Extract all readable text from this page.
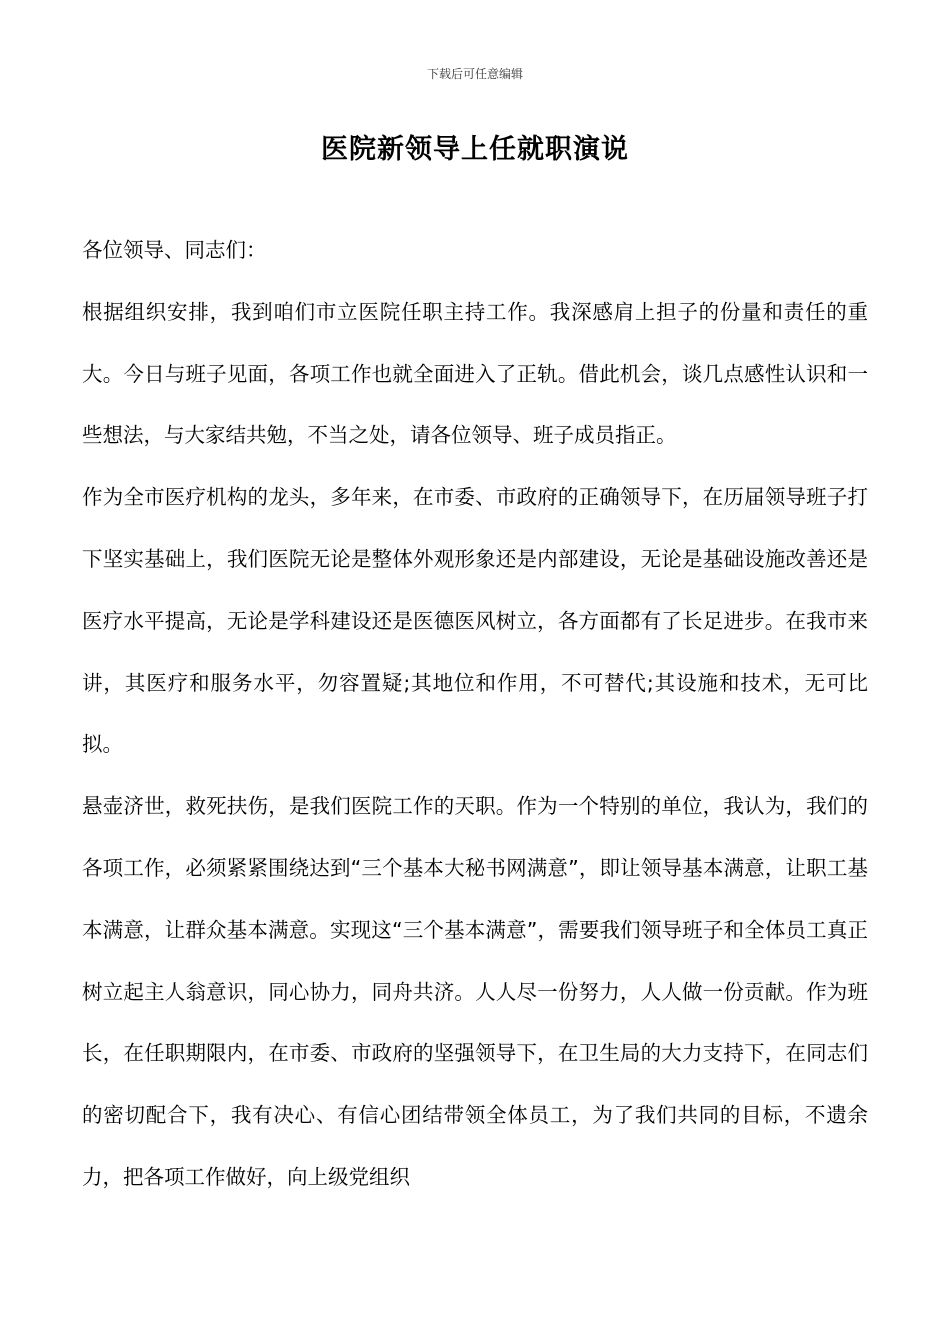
下载后可任意编辑
医院新领导上任就职演说

各位领导、同志们：

根据组织安排，我到咱们市立医院任职主持工作。我深感肩上担子的份量和责任的重大。今日与班子见面，各项工作也就全面进入了正轨。借此机会，谈几点感性认识和一些想法，与大家结共勉，不当之处，请各位领导、班子成员指正。

作为全市医疗机构的龙头，多年来，在市委、市政府的正确领导下，在历届领导班子打下坚实基础上，我们医院无论是整体外观形象还是内部建设，无论是基础设施改善还是医疗水平提高，无论是学科建设还是医德医风树立，各方面都有了长足进步。在我市来讲，其医疗和服务水平，勿容置疑;其地位和作用，不可替代;其设施和技术，无可比拟。

悬壶济世，救死扶伤，是我们医院工作的天职。作为一个特别的单位，我认为，我们的各项工作，必须紧紧围绕达到“三个基本大秘书网满意”，即让领导基本满意，让职工基本满意，让群众基本满意。实现这“三个基本满意”，需要我们领导班子和全体员工真正树立起主人翁意识，同心协力，同舟共济。人人尽一份努力，人人做一份贡献。作为班长，在任职期限内，在市委、市政府的坚强领导下，在卫生局的大力支持下，在同志们的密切配合下，我有决心、有信心团结带领全体员工，为了我们共同的目标，不遗余力，把各项工作做好，向上级党组织
